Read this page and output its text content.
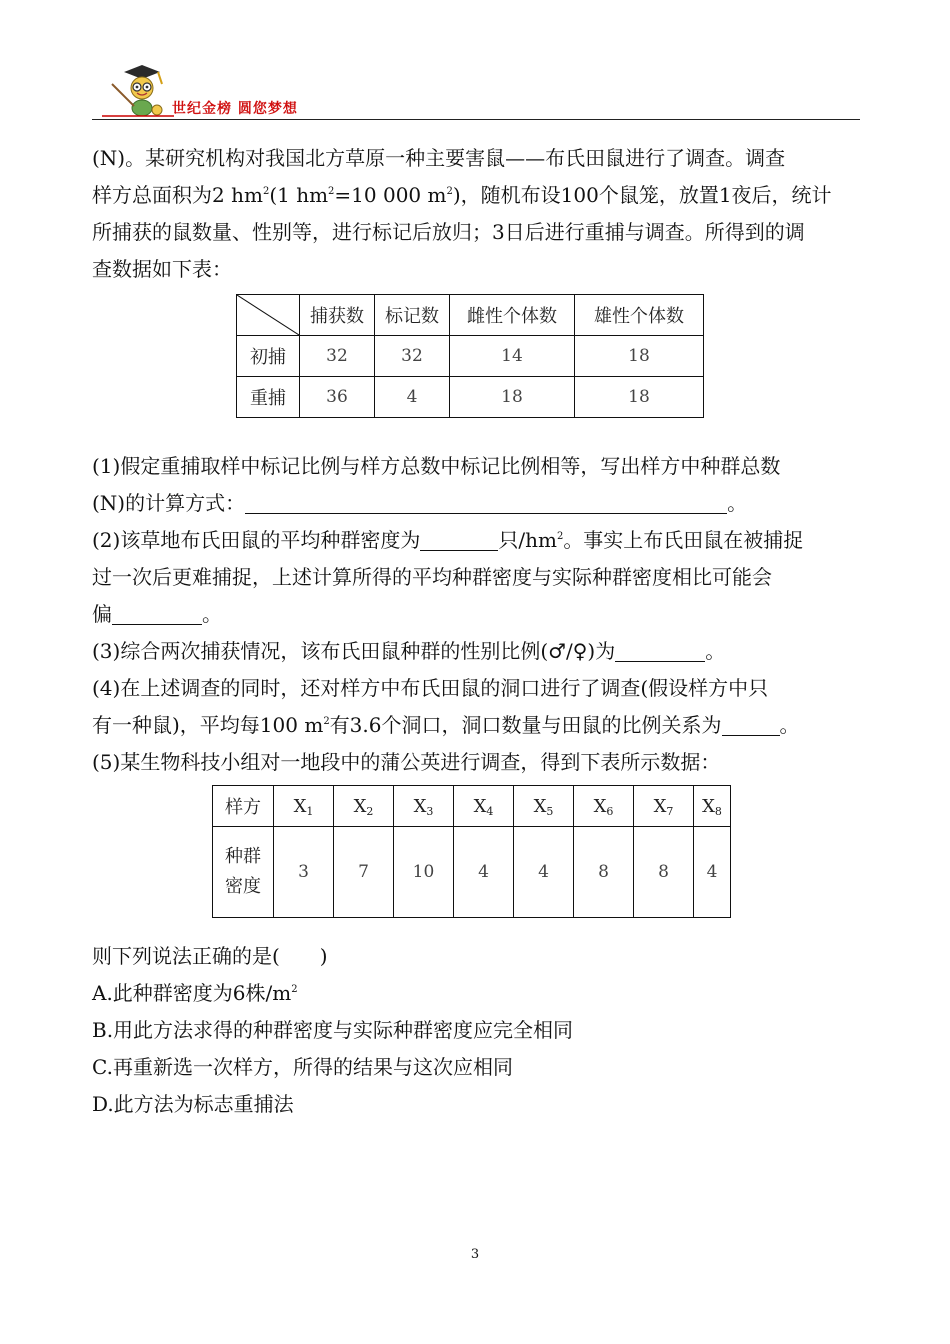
世纪金榜 圆您梦想
(N)。某研究机构对我国北方草原一种主要害鼠——布氏田鼠进行了调查。调查
样方总面积为2 $hm^2(1$ $hm^2=10$ 000 $m^2$)，随机布设100个鼠笼，放置1夜后，统计
所捕获的鼠数量、性别等，进行标记后放归；3日后进行重捕与调查。所得到的调
查数据如下表：
	捕获数	标记数	雌性个体数	雄性个体数
初捕	32	32	14	18
重捕	36	4	18	18
(1)假定重捕取样中标记比例与样方总数中标记比例相等，写出样方中种群总数
(N)的计算方式：	。
(2)该草地布氏田鼠的平均种群密度为	只$/hm^2$。事实上布氏田鼠在被捕捉
过一次后更难捕捉，上述计算所得的平均种群密度与实际种群密度相比可能会
偏	。
(3)综合两次捕获情况，该布氏田鼠种群的性别比例(♂/♀)为	。
(4)在上述调查的同时，还对样方中布氏田鼠的洞口进行了调查(假设样方中只
有一种鼠)，平均每100 $m^2$有3.6个洞口，洞口数量与田鼠的比例关系为	。
(5)某生物科技小组对一地段中的蒲公英进行调查，得到下表所示数据：
样方	$X_1$	$X_2$	$X_3$	$X_4$	$X_5$	$X_6$	$X_7$	$X_8$
种群
密度	3	7	10	4	4	8	8	4
则下列说法正确的是(　　)
A.此种群密度为6株$/m^2$
B.用此方法求得的种群密度与实际种群密度应完全相同
C.再重新选一次样方，所得的结果与这次应相同
D.此方法为标志重捕法
3
